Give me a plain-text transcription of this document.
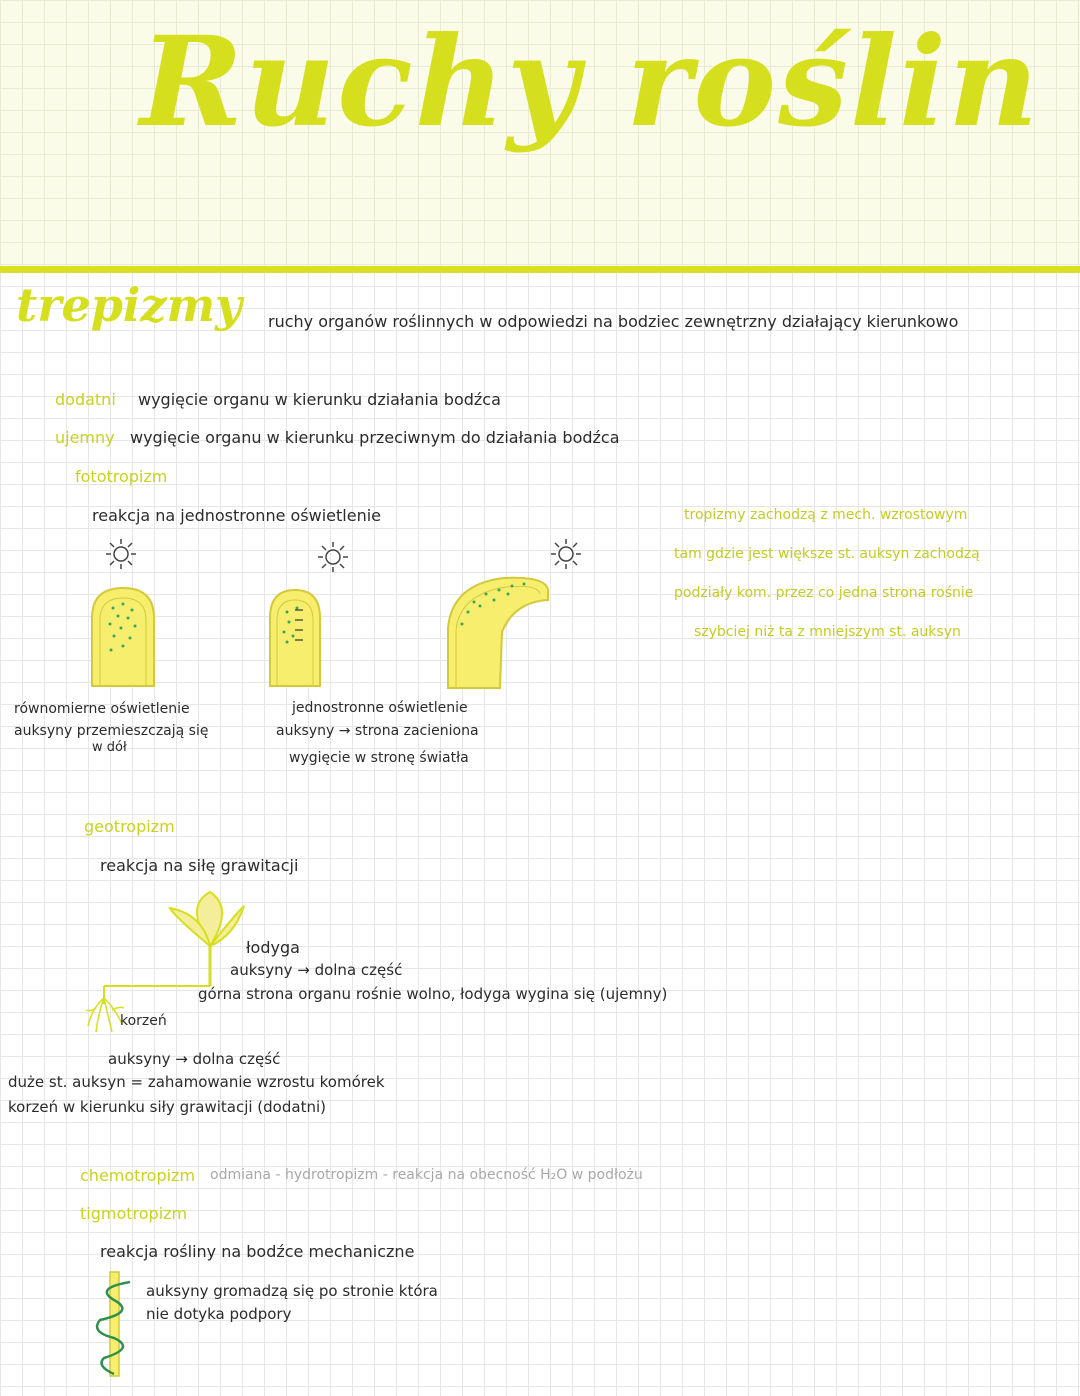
Ruchy roślin
trepizmy ruchy organów roślinnych w odpowiedzi na bodziec zewnętrzny działający kierunkowo
dodatni wygięcie organu w kierunku działania bodźca
ujemny wygięcie organu w kierunku przeciwnym do działania bodźca
fototropizm
reakcja na jednostronne oświetlenie	tropizmy zachodzą z mech. wzrostowym
tam gdzie jest większe st. auksyn zachodzą
podziały kom. przez co jedna strona rośnie
szybciej niż ta z mniejszym st. auksyn
równomierne oświetlenie
auksyny przemieszczają się
w dół
jednostronne oświetlenie
auksyny → strona zacieniona
wygięcie w stronę światła
geotropizm
reakcja na siłę grawitacji
łodyga
auksyny → dolna część
górna strona organu rośnie wolno, łodyga wygina się (ujemny)
korzeń
auksyny → dolna część
duże st. auksyn = zahamowanie wzrostu komórek
korzeń w kierunku siły grawitacji (dodatni)
chemotropizm odmiana - hydrotropizm - reakcja na obecność H₂O w podłożu
tigmotropizm
reakcja rośliny na bodźce mechaniczne
auksyny gromadzą się po stronie która
nie dotyka podpory
